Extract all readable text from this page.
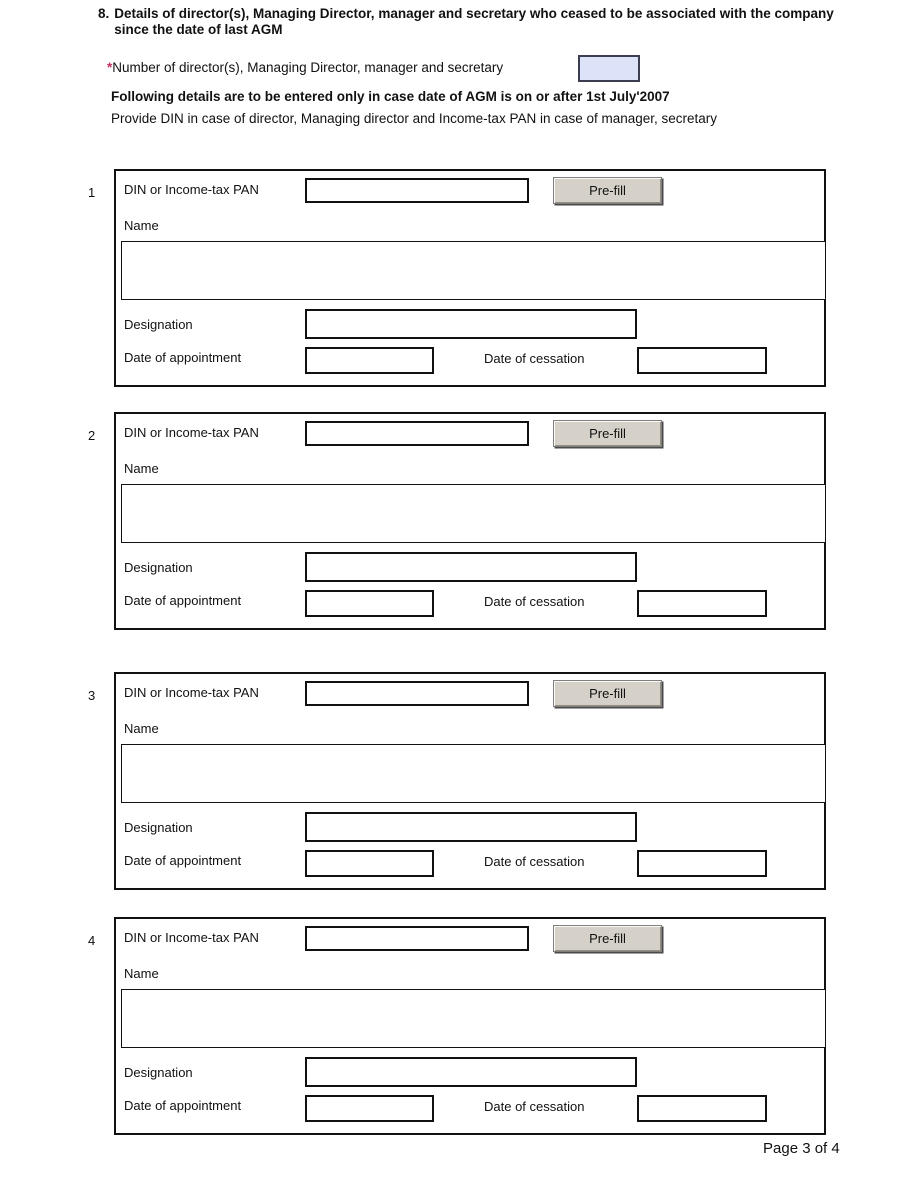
8. Details of director(s), Managing Director, manager and secretary who ceased to be associated with the company
since the date of last AGM
*Number of director(s), Managing Director, manager and secretary
Following details are to be entered only in case date of AGM is on or after 1st July'2007
Provide DIN in case of director, Managing director and Income-tax PAN in case of manager, secretary
1 DIN or Income-tax PAN	Pre-fill
Name
Designation
Date of appointment	Date of cessation
2 DIN or Income-tax PAN	Pre-fill
Name
Designation
Date of appointment	Date of cessation
3 DIN or Income-tax PAN	Pre-fill
Name
Designation
Date of appointment	Date of cessation
4 DIN or Income-tax PAN	Pre-fill
Name
Designation
Date of appointment	Date of cessation
Page 3 of 4
